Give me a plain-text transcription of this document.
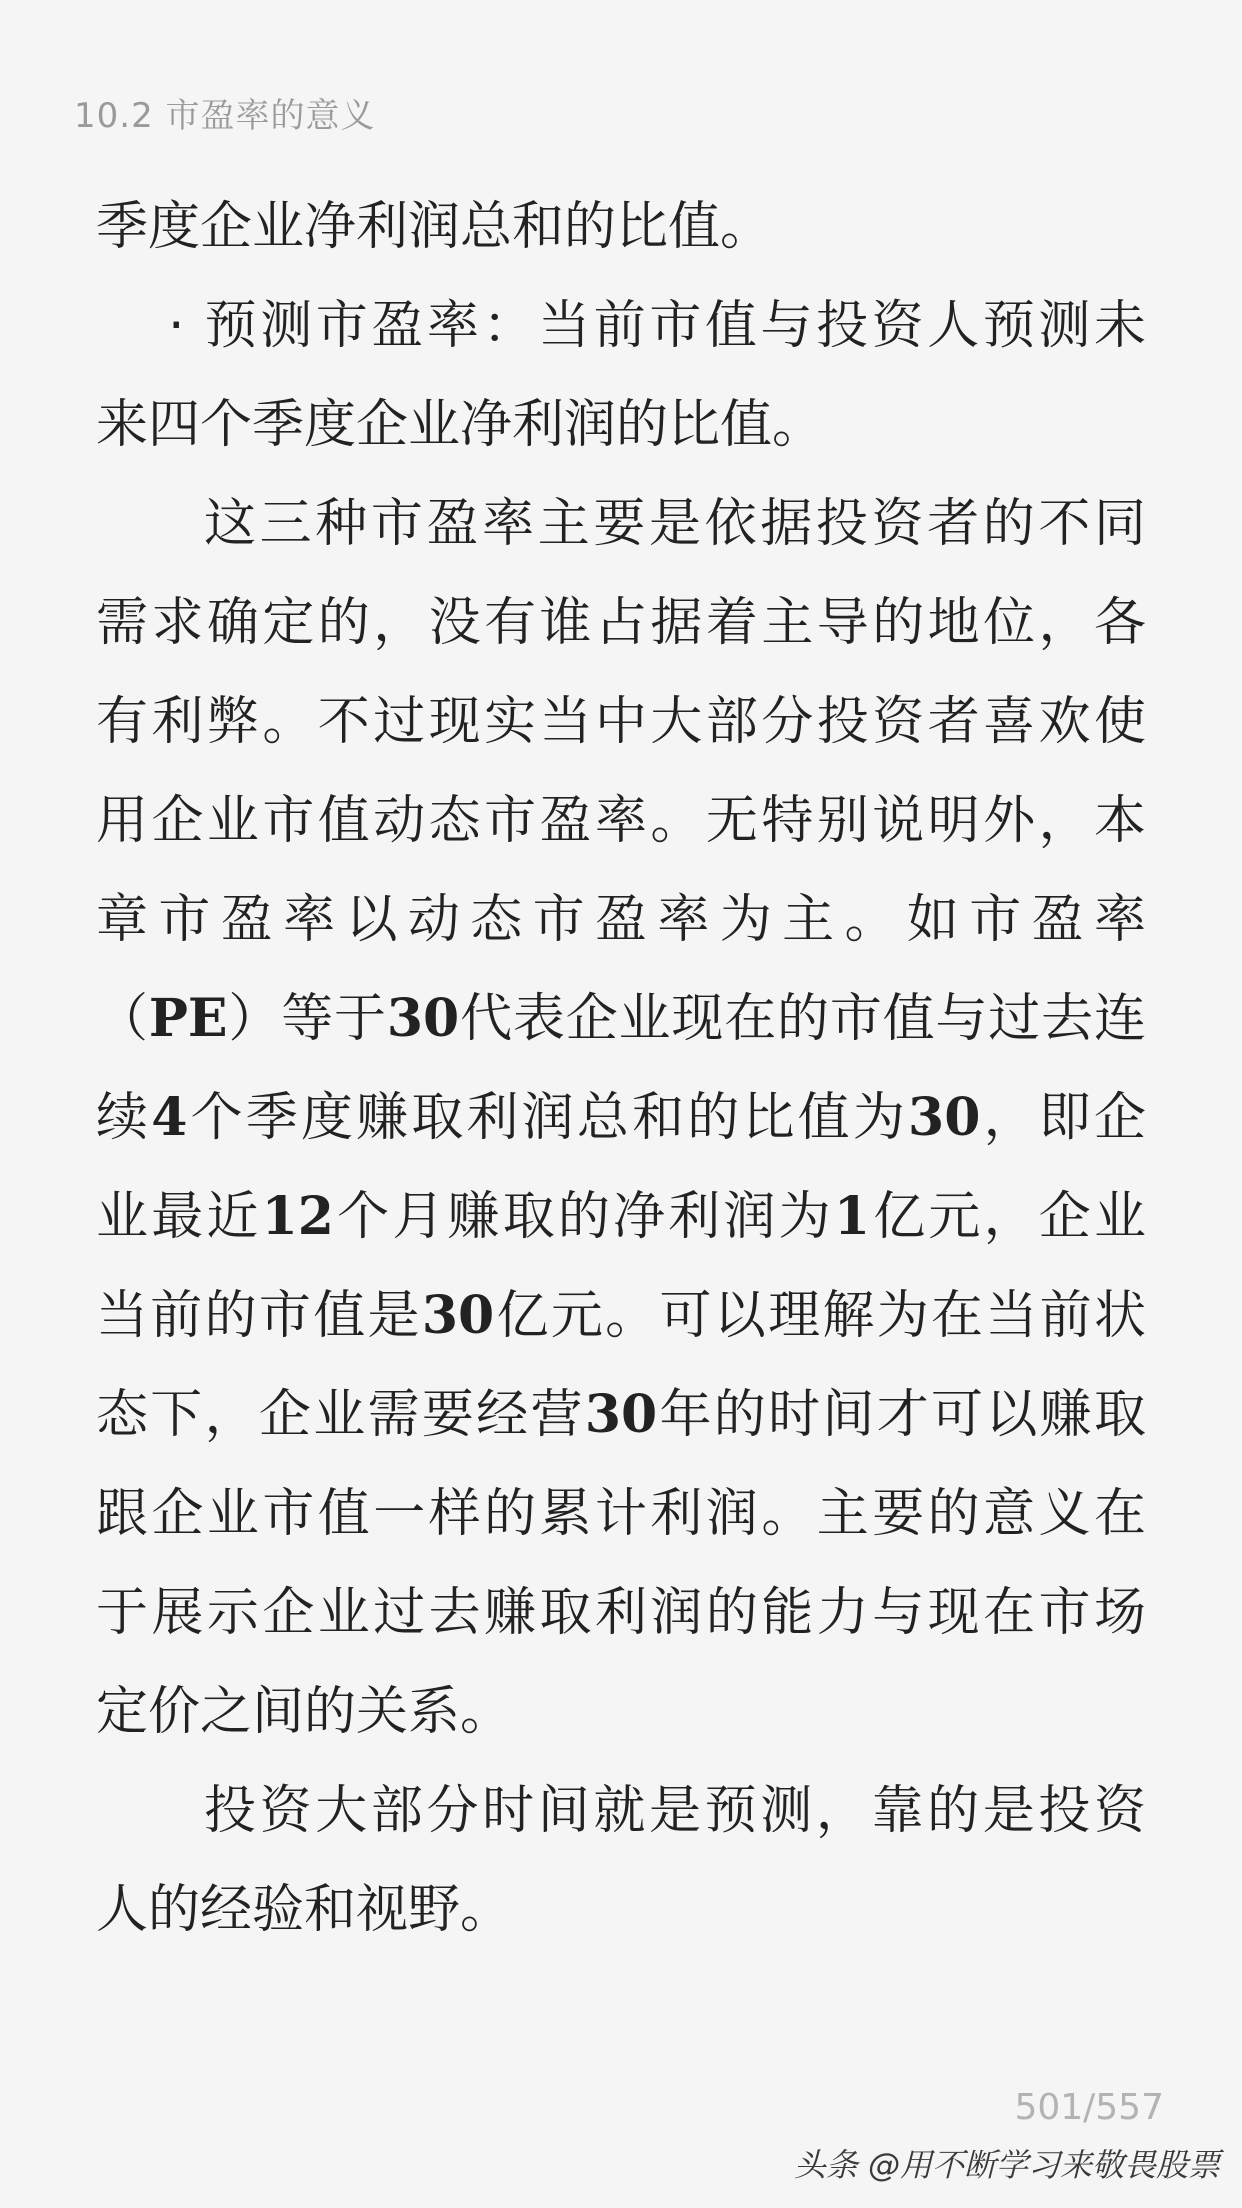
10.2 市盈率的意义
季度企业净利润总和的比值。
· 预测市盈率：当前市值与投资人预测未
来四个季度企业净利润的比值。
这三种市盈率主要是依据投资者的不同
需求确定的，没有谁占据着主导的地位，各
有利弊。不过现实当中大部分投资者喜欢使
用企业市值动态市盈率。无特别说明外，本
章市盈率以动态市盈率为主。如市盈率
（PE）等于30代表企业现在的市值与过去连
续4个季度赚取利润总和的比值为30，即企
业最近12个月赚取的净利润为1亿元，企业
当前的市值是30亿元。可以理解为在当前状
态下，企业需要经营30年的时间才可以赚取
跟企业市值一样的累计利润。主要的意义在
于展示企业过去赚取利润的能力与现在市场
定价之间的关系。
投资大部分时间就是预测，靠的是投资
人的经验和视野。
501/557
头条 @用不断学习来敬畏股票
